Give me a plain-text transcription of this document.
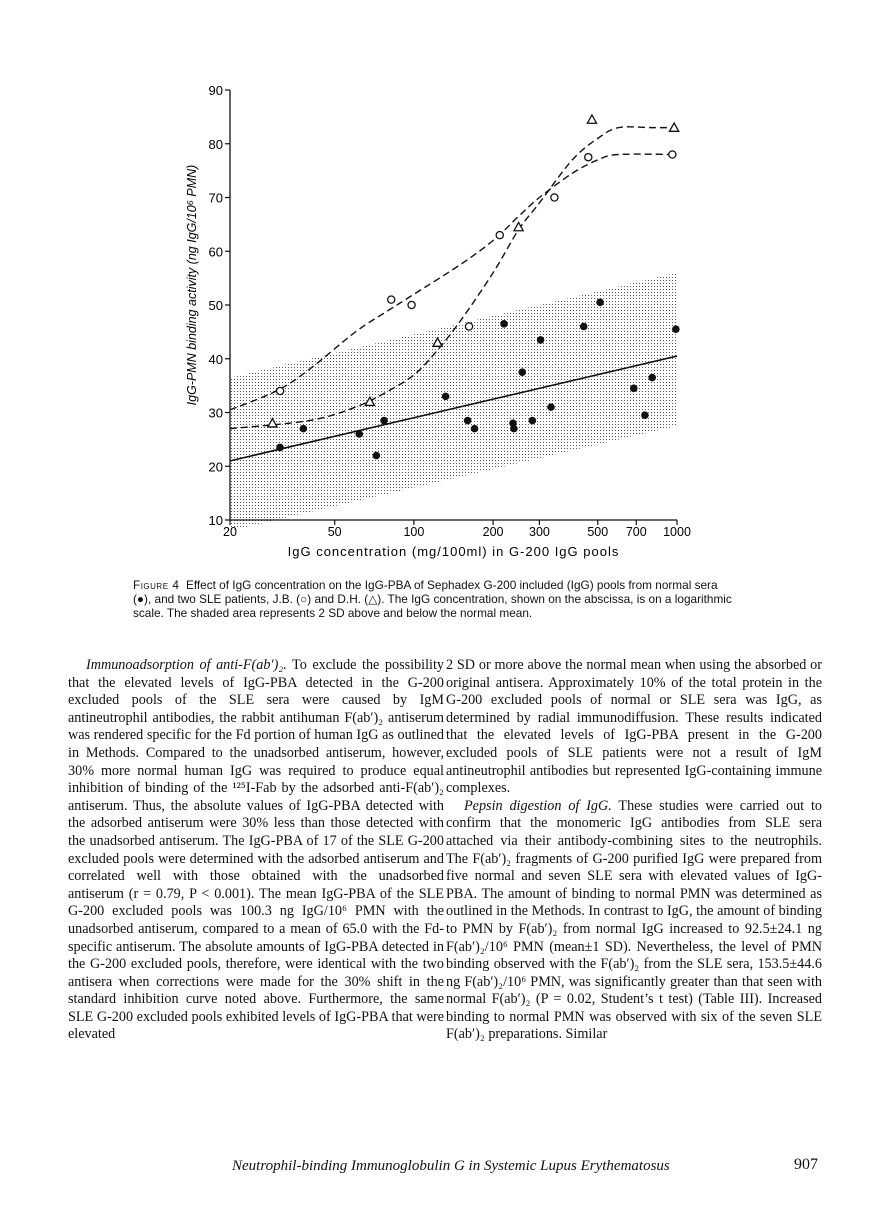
10
20
30
40
50
60
70
80
90
20	50	100	200 300	500 700 1000
IgG concentration (mg/100ml) in G-200 IgG pools
IgG-PMN binding activity (ng IgG/10⁶ PMN)
Figure 4 Effect of IgG concentration on the IgG-PBA of Sephadex G-200 included (IgG) pools from normal sera (●), and two SLE patients, J.B. (○) and D.H. (△). The IgG concentration, shown on the abscissa, is on a logarithmic scale. The shaded area represents 2 SD above and below the normal mean.

Immunoadsorption of anti-F(ab′)₂. To exclude the possibility that the elevated levels of IgG-PBA detected in the G-200 excluded pools of the SLE sera were caused by IgM antineutrophil antibodies, the rabbit antihuman F(ab′)₂ antiserum was rendered specific for the Fd portion of human IgG as outlined in Methods. Compared to the unadsorbed antiserum, however, 30% more normal human IgG was required to produce equal inhibition of binding of the ¹²⁵I-Fab by the adsorbed anti-F(ab′)₂ antiserum. Thus, the absolute values of IgG-PBA detected with the adsorbed antiserum were 30% less than those detected with the unadsorbed antiserum. The IgG-PBA of 17 of the SLE G-200 excluded pools were determined with the adsorbed antiserum and correlated well with those obtained with the unadsorbed antiserum (r = 0.79, P < 0.001). The mean IgG-PBA of the SLE G-200 excluded pools was 100.3 ng IgG/10⁶ PMN with the unadsorbed antiserum, compared to a mean of 65.0 with the Fd-specific antiserum. The absolute amounts of IgG-PBA detected in the G-200 excluded pools, therefore, were identical with the two antisera when corrections were made for the 30% shift in the standard inhibition curve noted above. Furthermore, the same SLE G-200 excluded pools exhibited levels of IgG-PBA that were elevated

2 SD or more above the normal mean when using the absorbed or original antisera. Approximately 10% of the total protein in the G-200 excluded pools of normal or SLE sera was IgG, as determined by radial immunodiffusion. These results indicated that the elevated levels of IgG-PBA present in the G-200 excluded pools of SLE patients were not a result of IgM antineutrophil antibodies but represented IgG-containing immune complexes.

Pepsin digestion of IgG. These studies were carried out to confirm that the monomeric IgG antibodies from SLE sera attached via their antibody-combining sites to the neutrophils. The F(ab′)₂ fragments of G-200 purified IgG were prepared from five normal and seven SLE sera with elevated values of IgG-PBA. The amount of binding to normal PMN was determined as outlined in the Methods. In contrast to IgG, the amount of binding to PMN by F(ab′)₂ from normal IgG increased to 92.5±24.1 ng F(ab′)₂/10⁶ PMN (mean±1 SD). Nevertheless, the level of PMN binding observed with the F(ab′)₂ from the SLE sera, 153.5±44.6 ng F(ab′)₂/10⁶ PMN, was significantly greater than that seen with normal F(ab′)₂ (P = 0.02, Student’s t test) (Table III). Increased binding to normal PMN was observed with six of the seven SLE F(ab′)₂ preparations. Similar

Neutrophil-binding Immunoglobulin G in Systemic Lupus Erythematosus	907
